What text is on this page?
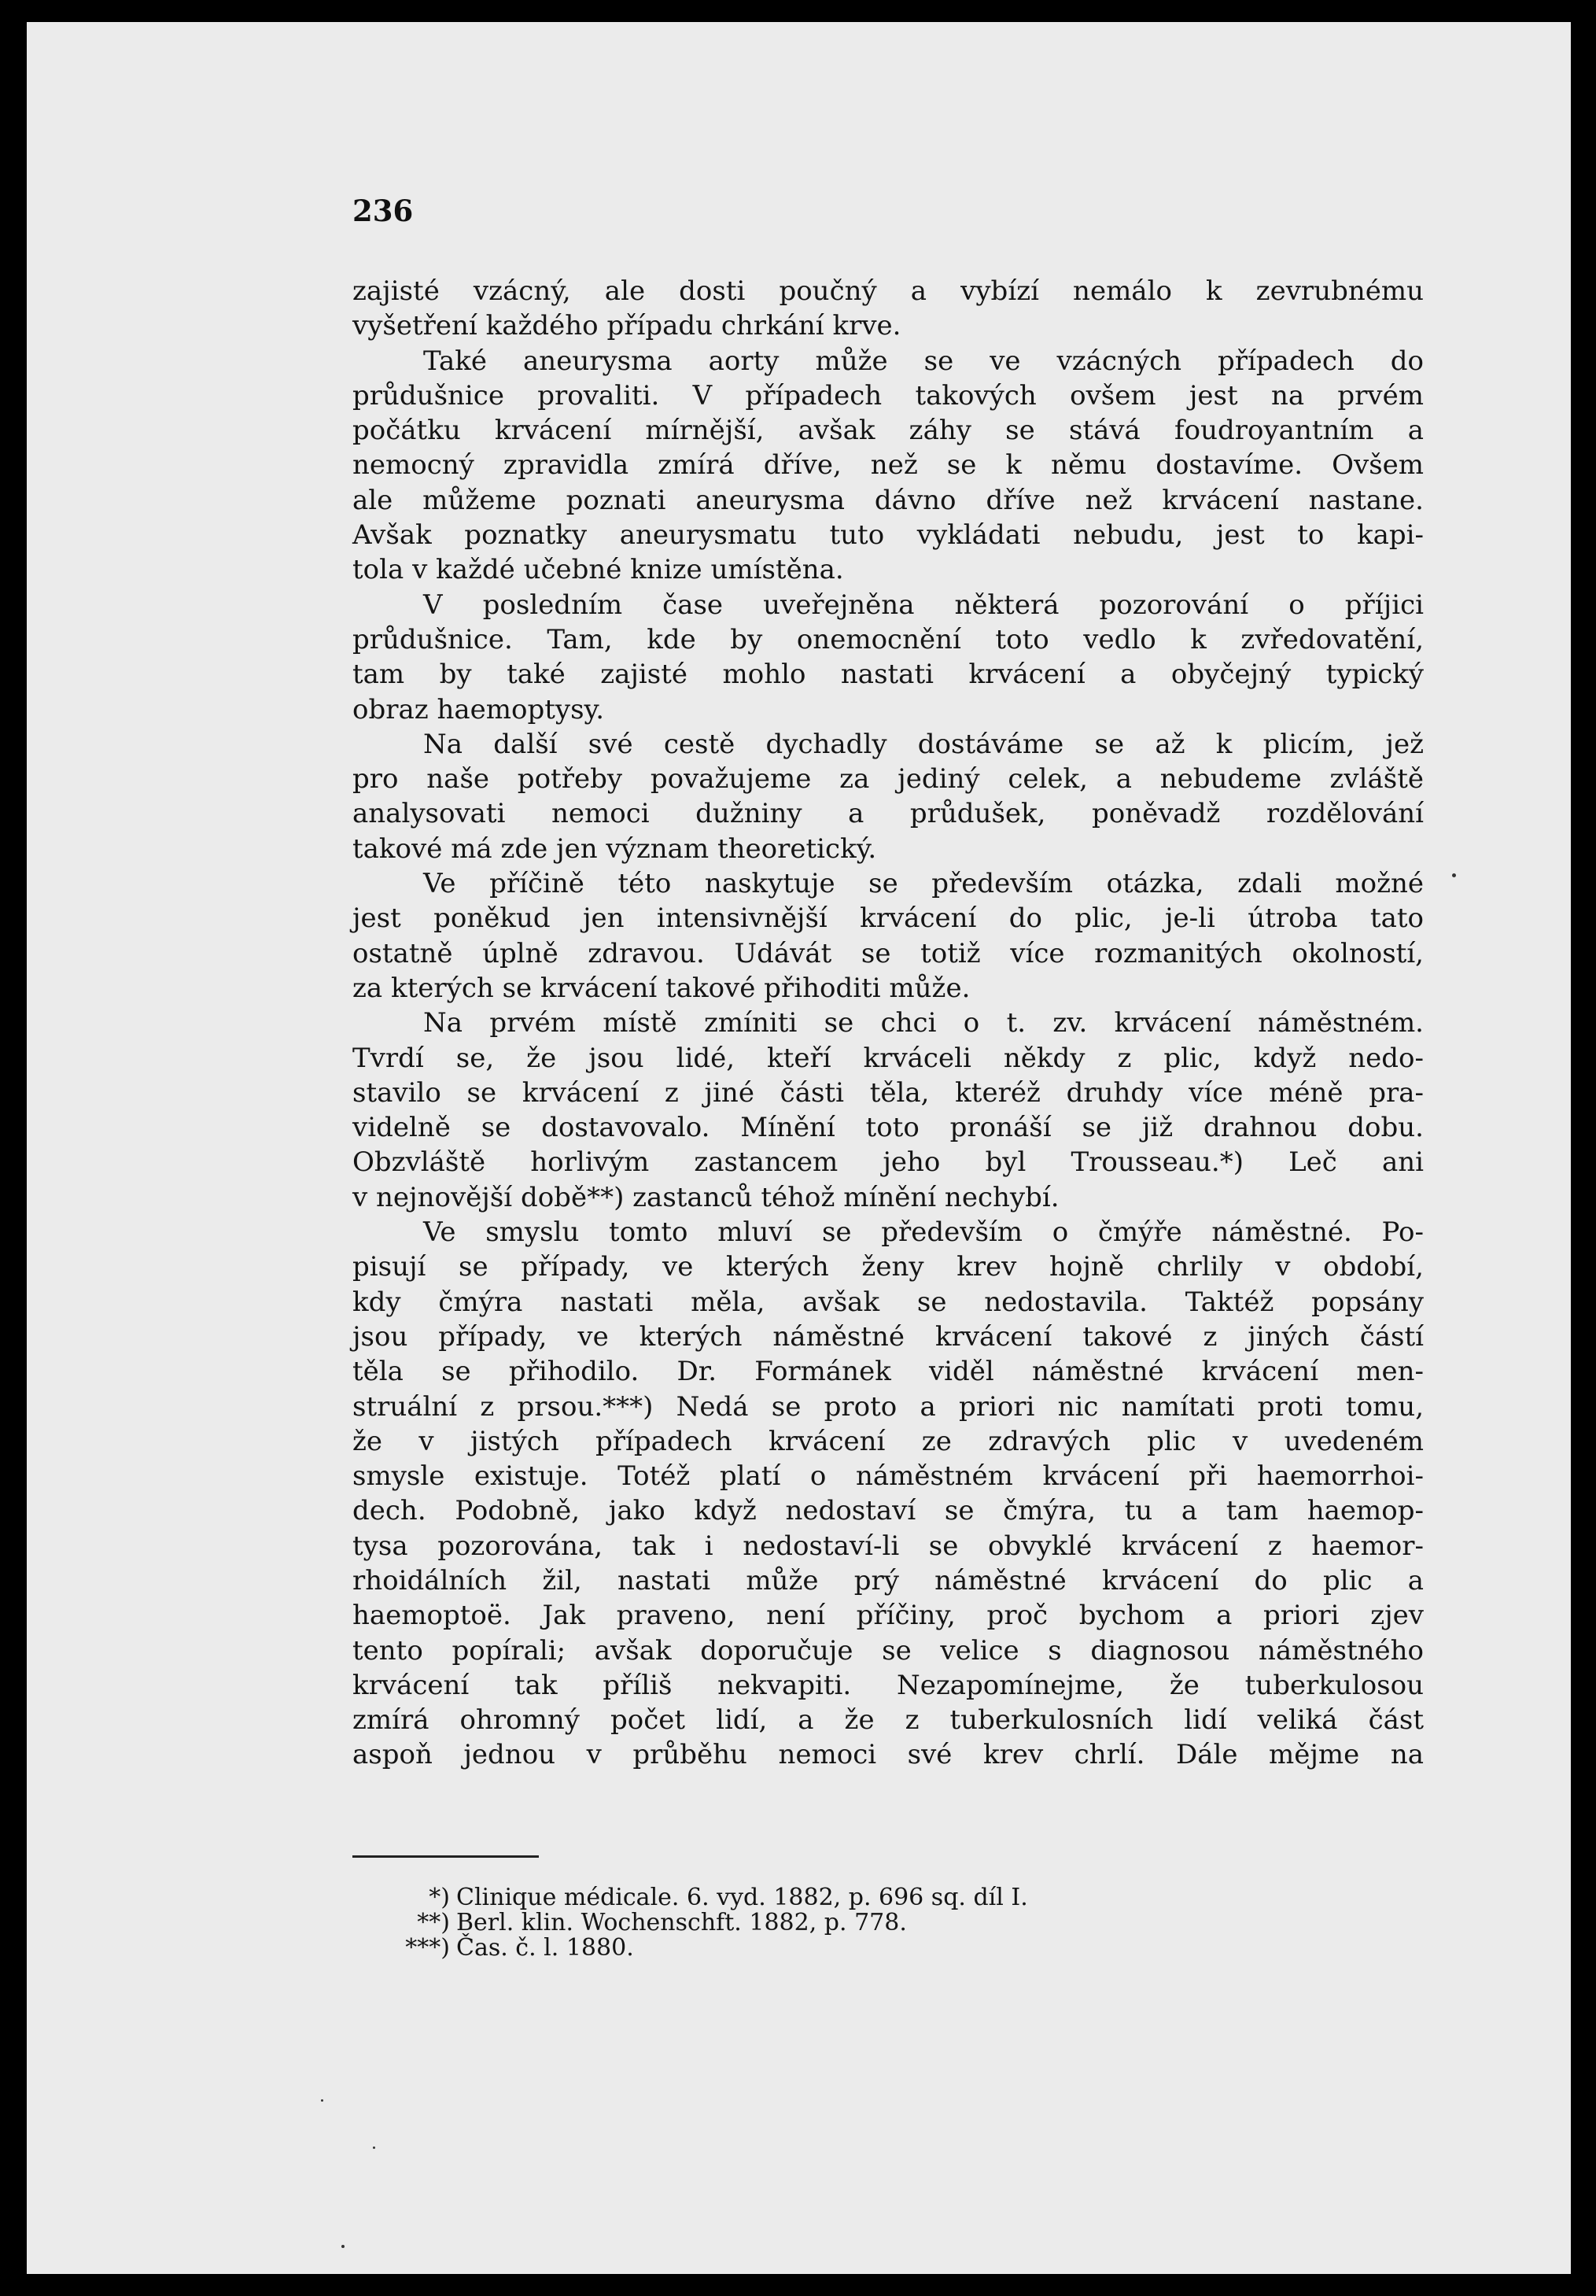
236

zajisté vzácný, ale dosti poučný a vybízí nemálo k zevrubnému
vyšetření každého případu chrkání krve.
Také aneurysma aorty může se ve vzácných případech do
průdušnice provaliti. V případech takových ovšem jest na prvém
počátku krvácení mírnější, avšak záhy se stává foudroyantním a
nemocný zpravidla zmírá dříve, než se k němu dostavíme. Ovšem
ale můžeme poznati aneurysma dávno dříve než krvácení nastane.
Avšak poznatky aneurysmatu tuto vykládati nebudu, jest to kapi-
tola v každé učebné knize umístěna.
V posledním čase uveřejněna některá pozorování o příjici
průdušnice. Tam, kde by onemocnění toto vedlo k zvředovatění,
tam by také zajisté mohlo nastati krvácení a obyčejný typický
obraz haemoptysy.
Na další své cestě dychadly dostáváme se až k plicím, jež
pro naše potřeby považujeme za jediný celek, a nebudeme zvláště
analysovati nemoci dužniny a průdušek, poněvadž rozdělování
takové má zde jen význam theoretický.
Ve příčině této naskytuje se především otázka, zdali možné
jest poněkud jen intensivnější krvácení do plic, je-li útroba tato
ostatně úplně zdravou. Udávát se totiž více rozmanitých okolností,
za kterých se krvácení takové přihoditi může.
Na prvém místě zmíniti se chci o t. zv. krvácení náměstném.
Tvrdí se, že jsou lidé, kteří krváceli někdy z plic, když nedo-
stavilo se krvácení z jiné části těla, kteréž druhdy více méně pra-
videlně se dostavovalo. Mínění toto pronáší se již drahnou dobu.
Obzvláště horlivým zastancem jeho byl Trousseau.*) Leč ani
v nejnovější době**) zastanců téhož mínění nechybí.
Ve smyslu tomto mluví se především o čmýře náměstné. Po-
pisují se případy, ve kterých ženy krev hojně chrlily v období,
kdy čmýra nastati měla, avšak se nedostavila. Taktéž popsány
jsou případy, ve kterých náměstné krvácení takové z jiných částí
těla se přihodilo. Dr. Formánek viděl náměstné krvácení men-
struální z prsou.***) Nedá se proto a priori nic namítati proti tomu,
že v jistých případech krvácení ze zdravých plic v uvedeném
smysle existuje. Totéž platí o náměstném krvácení při haemorrhoi-
dech. Podobně, jako když nedostaví se čmýra, tu a tam haemop-
tysa pozorována, tak i nedostaví-li se obvyklé krvácení z haemor-
rhoidálních žil, nastati může prý náměstné krvácení do plic a
haemoptoë. Jak praveno, není příčiny, proč bychom a priori zjev
tento popírali; avšak doporučuje se velice s diagnosou náměstného
krvácení tak příliš nekvapiti. Nezapomínejme, že tuberkulosou
zmírá ohromný počet lidí, a že z tuberkulosních lidí veliká část
aspoň jednou v průběhu nemoci své krev chrlí. Dále mějme na
*) Clinique médicale. 6. vyd. 1882, p. 696 sq. díl I.
**) Berl. klin. Wochenschft. 1882, p. 778.
***) Čas. č. l. 1880.
